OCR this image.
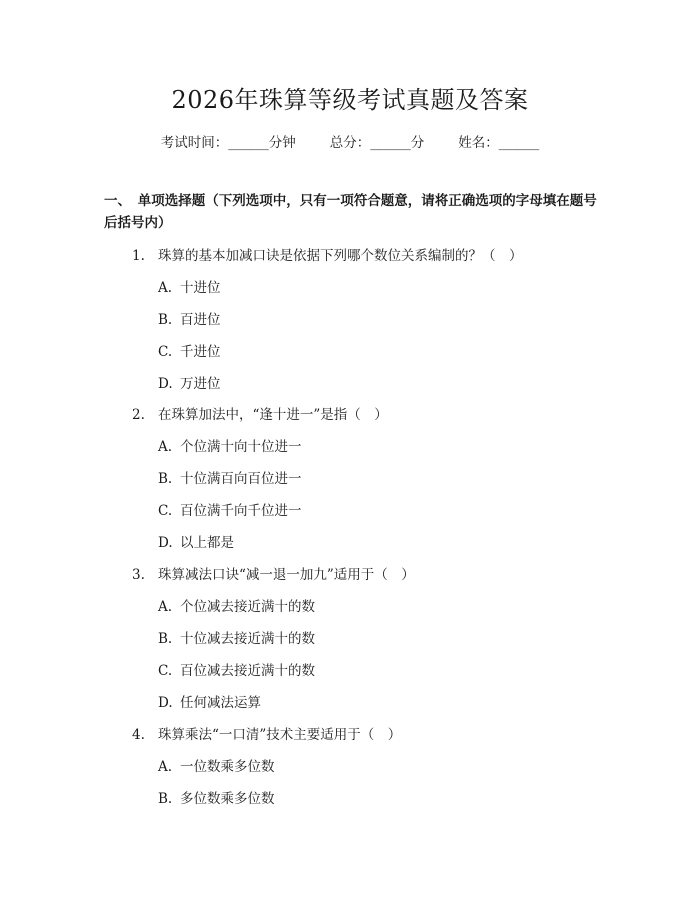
2026年珠算等级考试真题及答案
考试时间：______分钟	总分：______分	姓名：______
一、　单项选择题（下列选项中，只有一项符合题意，请将正确选项的字母填在题号后括号内）
1. 珠算的基本加减口诀是依据下列哪个数位关系编制的？（　）
A. 十进位
B. 百进位
C. 千进位
D. 万进位
2. 在珠算加法中，“逢十进一”是指（　）
A. 个位满十向十位进一
B. 十位满百向百位进一
C. 百位满千向千位进一
D. 以上都是
3. 珠算减法口诀“减一退一加九”适用于（　）
A. 个位减去接近满十的数
B. 十位减去接近满十的数
C. 百位减去接近满十的数
D. 任何减法运算
4. 珠算乘法“一口清”技术主要适用于（　）
A. 一位数乘多位数
B. 多位数乘多位数
